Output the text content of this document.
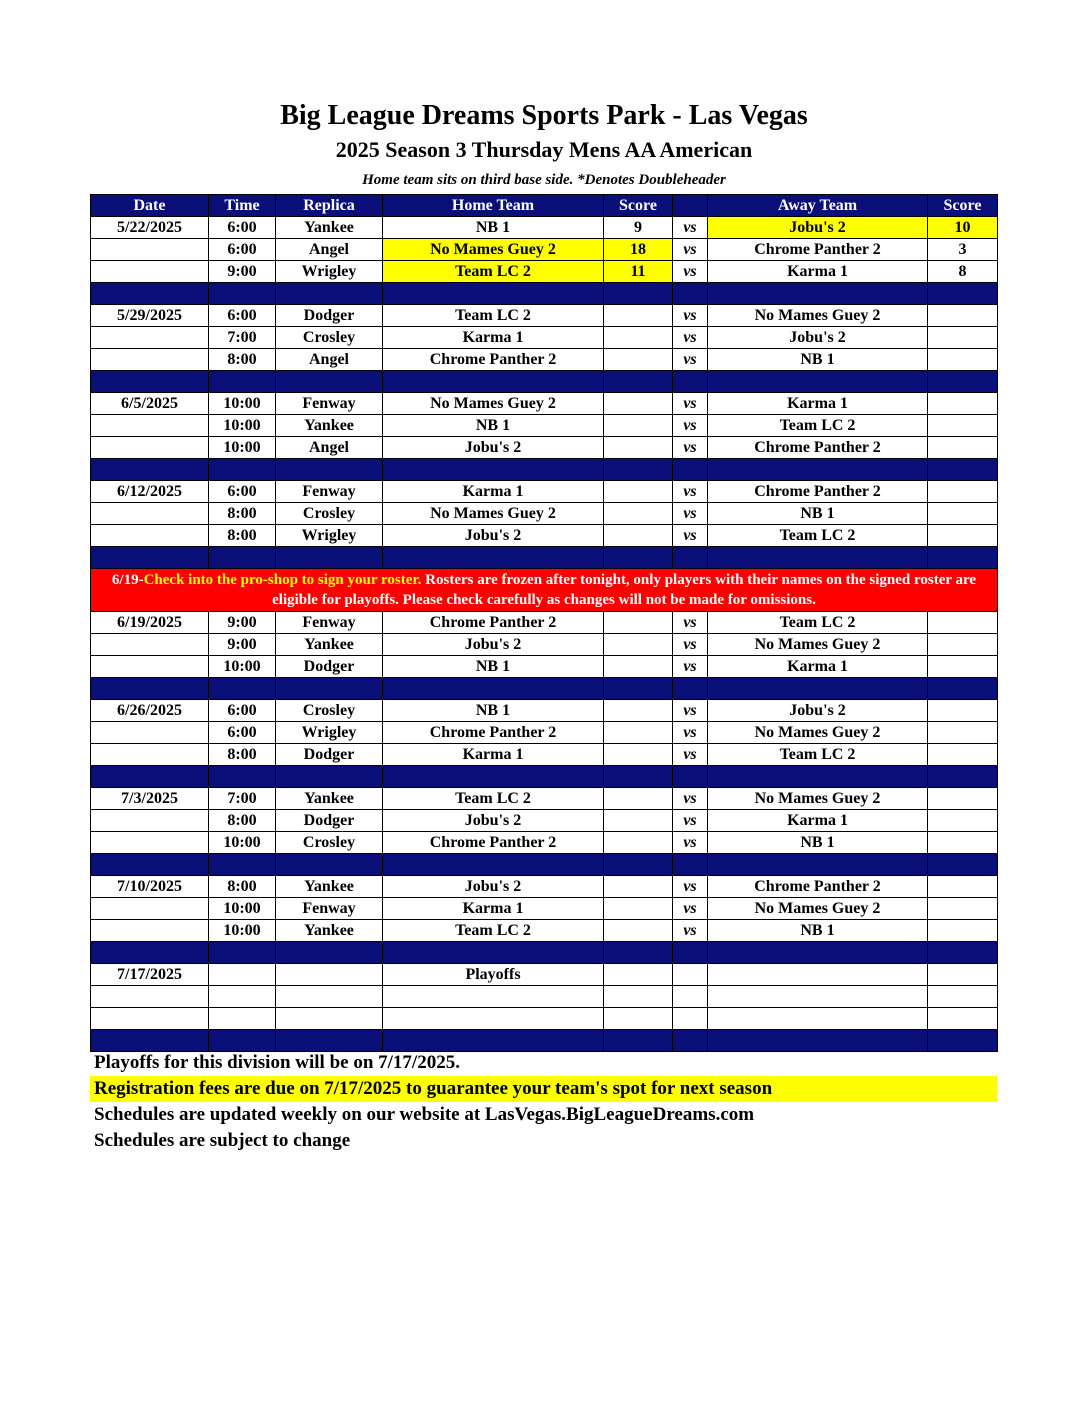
Big League Dreams Sports Park - Las Vegas
2025 Season 3 Thursday Mens AA American
Home team sits on third base side. *Denotes Doubleheader
Date	Time	Replica	Home Team	Score		Away Team	Score
5/22/2025	6:00	Yankee	NB 1	9	vs	Jobu's 2	10
	6:00	Angel	No Mames Guey 2	18	vs	Chrome Panther 2	3
	9:00	Wrigley	Team LC 2	11	vs	Karma 1	8

5/29/2025	6:00	Dodger	Team LC 2		vs	No Mames Guey 2	
	7:00	Crosley	Karma 1		vs	Jobu's 2	
	8:00	Angel	Chrome Panther 2		vs	NB 1	

6/5/2025	10:00	Fenway	No Mames Guey 2		vs	Karma 1	
	10:00	Yankee	NB 1		vs	Team LC 2	
	10:00	Angel	Jobu's 2		vs	Chrome Panther 2	

6/12/2025	6:00	Fenway	Karma 1		vs	Chrome Panther 2	
	8:00	Crosley	No Mames Guey 2		vs	NB 1	
	8:00	Wrigley	Jobu's 2		vs	Team LC 2	

6/19-Check into the pro-shop to sign your roster. Rosters are frozen after tonight, only players with their names on the signed roster are eligible for playoffs. Please check carefully as changes will not be made for omissions.							
6/19/2025	9:00	Fenway	Chrome Panther 2		vs	Team LC 2	
	9:00	Yankee	Jobu's 2		vs	No Mames Guey 2	
	10:00	Dodger	NB 1		vs	Karma 1	

6/26/2025	6:00	Crosley	NB 1		vs	Jobu's 2	
	6:00	Wrigley	Chrome Panther 2		vs	No Mames Guey 2	
	8:00	Dodger	Karma 1		vs	Team LC 2	

7/3/2025	7:00	Yankee	Team LC 2		vs	No Mames Guey 2	
	8:00	Dodger	Jobu's 2		vs	Karma 1	
	10:00	Crosley	Chrome Panther 2		vs	NB 1	

7/10/2025	8:00	Yankee	Jobu's 2		vs	Chrome Panther 2	
	10:00	Fenway	Karma 1		vs	No Mames Guey 2	
	10:00	Yankee	Team LC 2		vs	NB 1	

7/17/2025			Playoffs				

Playoffs for this division will be on 7/17/2025.
Registration fees are due on 7/17/2025 to guarantee your team's spot for next season
Schedules are updated weekly on our website at LasVegas.BigLeagueDreams.com
Schedules are subject to change
